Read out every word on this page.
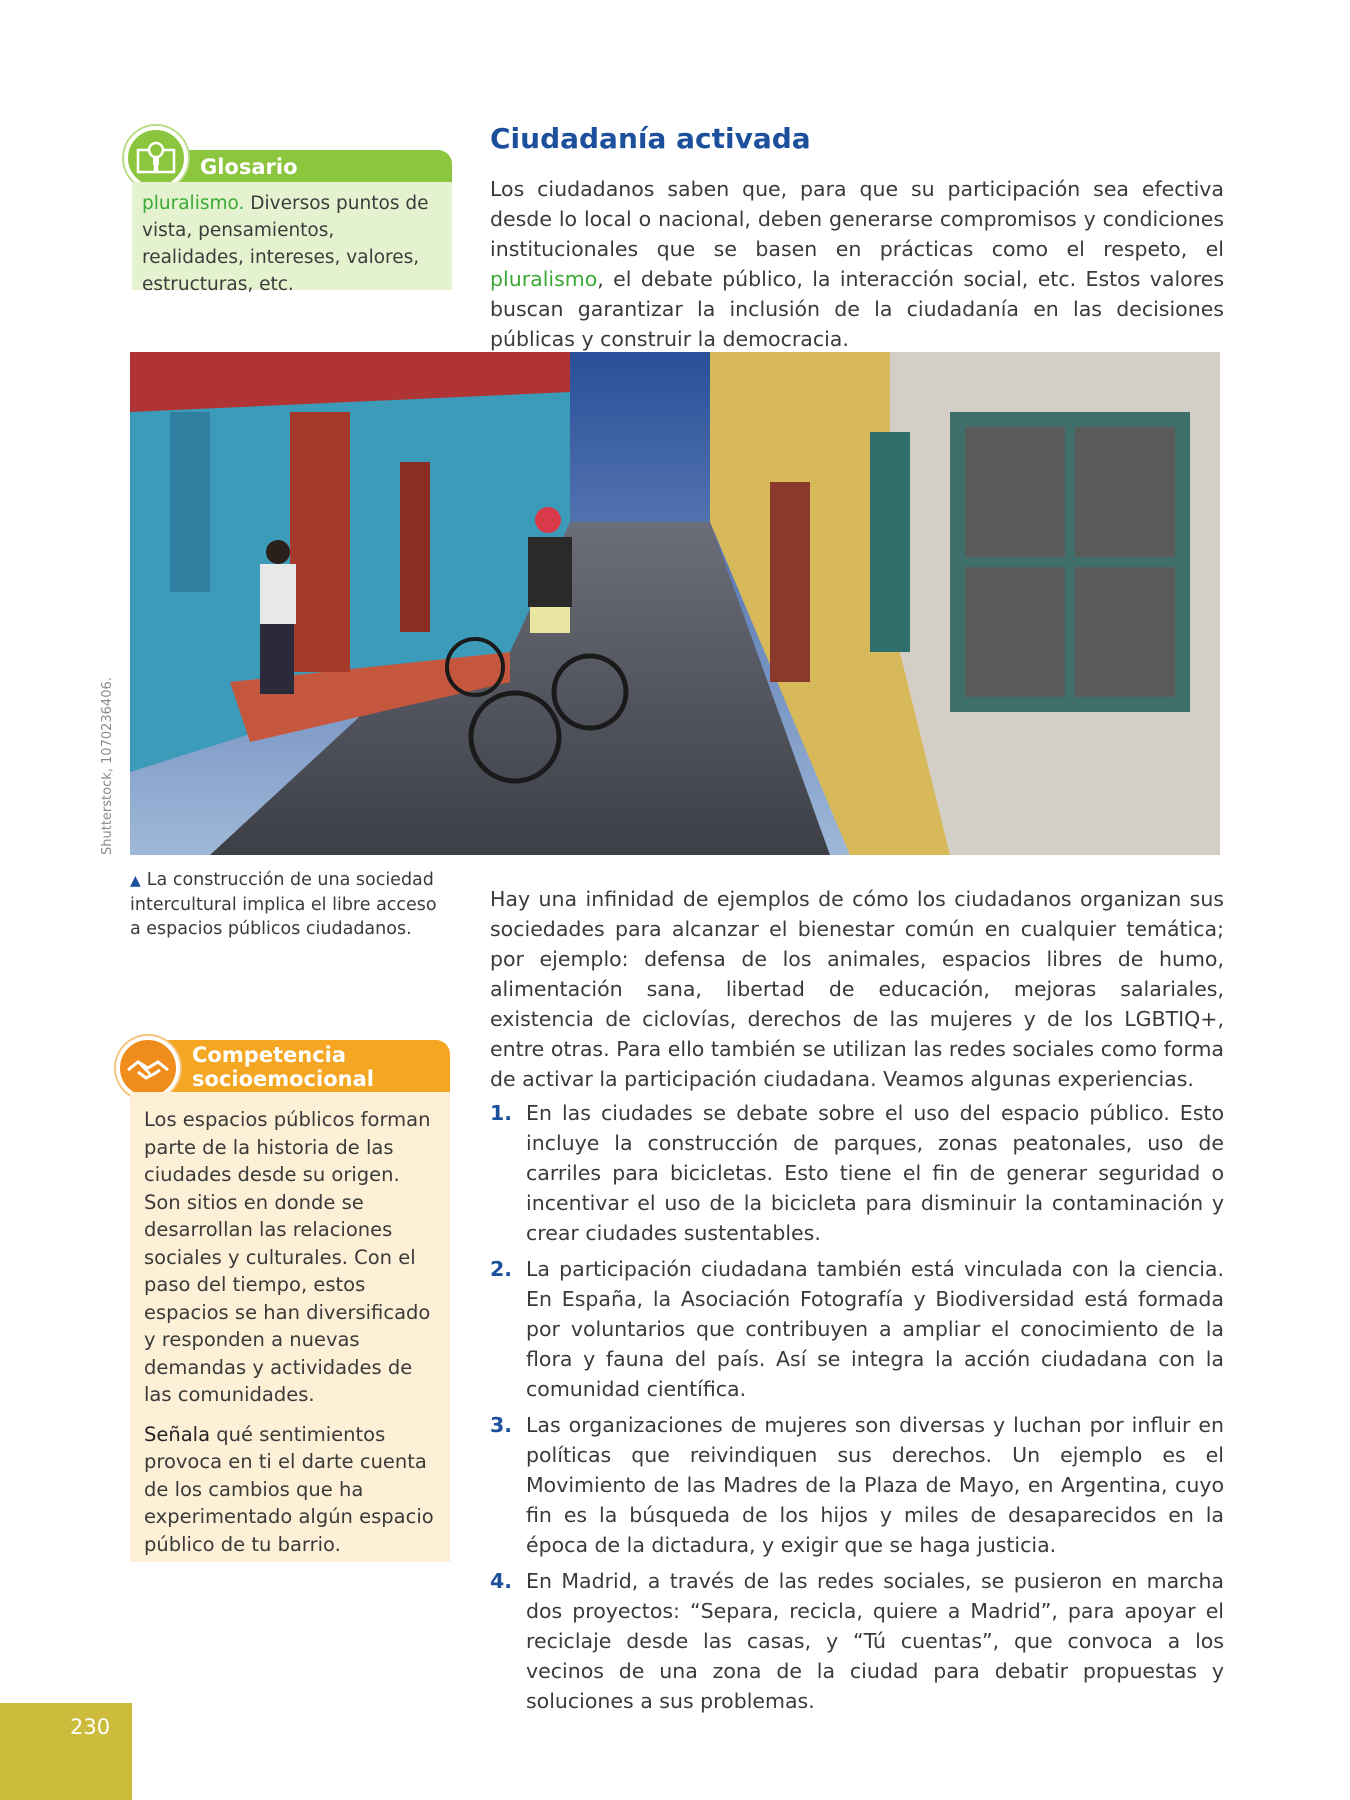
Glosario
pluralismo. Diversos puntos de vista, pensamientos, realidades, intereses, valores, estructuras, etc.
Ciudadanía activada

Los ciudadanos saben que, para que su participación sea efectiva desde lo local o nacional, deben generarse compromisos y condiciones institucionales que se basen en prácticas como el respeto, el pluralismo, el debate público, la interacción social, etc. Estos valores buscan garantizar la inclusión de la ciudadanía en las decisiones públicas y construir la democracia.

Shutterstock, 1070236406.

▲ La construcción de una sociedad intercultural implica el libre acceso a espacios públicos ciudadanos.

Competencia
socioemocional

Los espacios públicos forman parte de la historia de las ciudades desde su origen. Son sitios en donde se desarrollan las relaciones sociales y culturales. Con el paso del tiempo, estos espacios se han diversificado y responden a nuevas demandas y actividades de las comunidades.

Señala qué sentimientos provoca en ti el darte cuenta de los cambios que ha experimentado algún espacio público de tu barrio.

Hay una infinidad de ejemplos de cómo los ciudadanos organizan sus sociedades para alcanzar el bienestar común en cualquier temática; por ejemplo: defensa de los animales, espacios libres de humo, alimentación sana, libertad de educación, mejoras salariales, existencia de ciclovías, derechos de las mujeres y de los LGBTIQ+, entre otras. Para ello también se utilizan las redes sociales como forma de activar la participación ciudadana. Veamos algunas experiencias.

1. En las ciudades se debate sobre el uso del espacio público. Esto incluye la construcción de parques, zonas peatonales, uso de carriles para bicicletas. Esto tiene el fin de generar seguridad o incentivar el uso de la bicicleta para disminuir la contaminación y crear ciudades sustentables.
2. La participación ciudadana también está vinculada con la ciencia. En España, la Asociación Fotografía y Biodiversidad está formada por voluntarios que contribuyen a ampliar el conocimiento de la flora y fauna del país. Así se integra la acción ciudadana con la comunidad científica.
3. Las organizaciones de mujeres son diversas y luchan por influir en políticas que reivindiquen sus derechos. Un ejemplo es el Movimiento de las Madres de la Plaza de Mayo, en Argentina, cuyo fin es la búsqueda de los hijos y miles de desaparecidos en la época de la dictadura, y exigir que se haga justicia.
4. En Madrid, a través de las redes sociales, se pusieron en marcha dos proyectos: “Separa, recicla, quiere a Madrid”, para apoyar el reciclaje desde las casas, y “Tú cuentas”, que convoca a los vecinos de una zona de la ciudad para debatir propuestas y soluciones a sus problemas.
230
